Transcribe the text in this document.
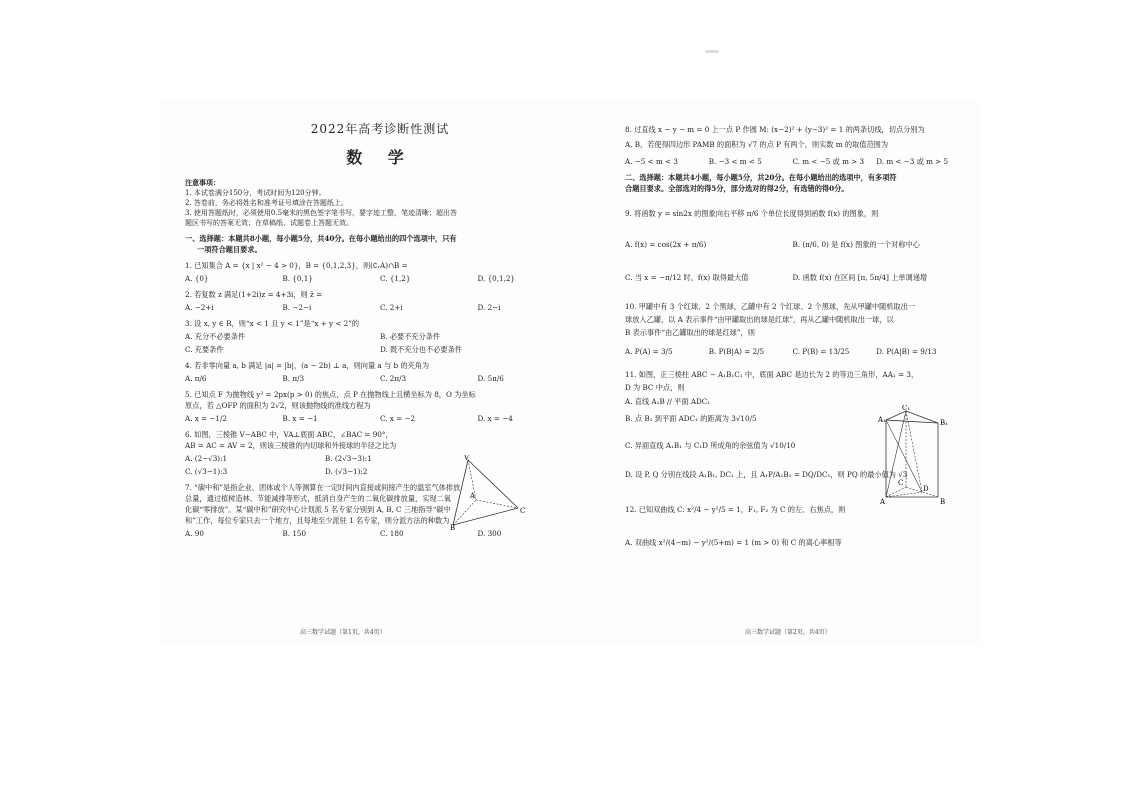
2022年高考诊断性测试
数 学
注意事项：
1. 本试卷满分150分，考试时间为120分钟。
2. 答卷前，务必将姓名和准考证号填涂在答题纸上。
3. 使用答题纸时，必须使用0.5毫米的黑色签字笔书写，要字迹工整，笔迹清晰；超出答
题区书写的答案无效；在草稿纸、试题卷上答题无效。
一、选择题：本题共8小题，每小题5分，共40分。在每小题给出的四个选项中，只有
一项符合题目要求。
1. 已知集合 A = {x | x² − 4 > 0}，B = {0,1,2,3}，则(∁ᵣA)∩B =
A. {0}	B. {0,1}	C. {1,2}	D. {0,1,2}
2. 若复数 z 满足(1+2i)z = 4+3i，则 z̄ =
A. −2+i	B. −2−i	C. 2+i	D. 2−i
3. 设 x, y ∈ R，则“x < 1 且 y < 1”是“x + y < 2”的
A. 充分不必要条件	B. 必要不充分条件
C. 充要条件	D. 既不充分也不必要条件
4. 若非零向量 a, b 满足 |a| = |b|，(a − 2b) ⊥ a，则向量 a 与 b 的夹角为
A. π/6	B. π/3	C. 2π/3	D. 5π/6
5. 已知点 F 为抛物线 y² = 2px(p > 0) 的焦点，点 P 在抛物线上且横坐标为 8，O 为坐标
原点，若 △OFP 的面积为 2√2，则该抛物线的准线方程为
A. x = −1/2	B. x = −1	C. x = −2	D. x = −4
6. 如图，三棱锥 V−ABC 中，VA⊥底面 ABC，∠BAC = 90°，
AB = AC = AV = 2，则该三棱锥的内切球和外接球的半径之比为
A. (2−√3):1	B. (2√3−3):1
C. (√3−1):3	D. (√3−1):2
7. “碳中和”是指企业、团体或个人等测算在一定时间内直接或间接产生的温室气体排放
总量，通过植树造林、节能减排等形式，抵消自身产生的二氧化碳排放量，实现二氧
化碳“零排放”。某“碳中和”研究中心计划派 5 名专家分别到 A, B, C 三地指导“碳中
和”工作，每位专家只去一个地方，且每地至少派驻 1 名专家，则分派方法的种数为
A. 90	B. 150	C. 180	D. 300
V
A
B
C
高三数学试题（第1页，共4页）
8. 过直线 x − y − m = 0 上一点 P 作圆 M: (x−2)² + (y−3)² = 1 的两条切线，切点分别为
A, B，若使得四边形 PAMB 的面积为 √7 的点 P 有两个，则实数 m 的取值范围为
A. −5 < m < 3	B. −3 < m < 5	C. m < −5 或 m > 3	D. m < −3 或 m > 5
二、选择题：本题共4小题，每小题5分，共20分。在每小题给出的选项中，有多项符
合题目要求。全部选对的得5分，部分选对的得2分，有选错的得0分。
9. 将函数 y = sin2x 的图象向右平移 π/6 个单位长度得到函数 f(x) 的图象，则
A. f(x) = cos(2x + π/6)	B. (π/6, 0) 是 f(x) 图象的一个对称中心
C. 当 x = −π/12 时，f(x) 取得最大值	D. 函数 f(x) 在区间 [π, 5π/4] 上单调递增
10. 甲罐中有 3 个红球、2 个黑球，乙罐中有 2 个红球、2 个黑球，先从甲罐中随机取出一
球放入乙罐，以 A 表示事件“由甲罐取出的球是红球”，再从乙罐中随机取出一球，以
B 表示事件“由乙罐取出的球是红球”，则
A. P(A) = 3/5	B. P(B|A) = 2/5	C. P(B) = 13/25	D. P(A|B) = 9/13
11. 如图，正三棱柱 ABC − A₁B₁C₁ 中，底面 ABC 是边长为 2 的等边三角形，AA₁ = 3，
D 为 BC 中点，则
A. 直线 A₁B // 平面 ADC₁
B. 点 B₁ 到平面 ADC₁ 的距离为 3√10/5
C. 异面直线 A₁B₁ 与 C₁D 所成角的余弦值为 √10/10
D. 设 P, Q 分别在线段 A₁B₁, DC₁ 上，且 A₁P/A₁B₁ = DQ/DC₁，则 PQ 的最小值为 √3
12. 已知双曲线 C: x²/4 − y²/5 = 1，F₁, F₂ 为 C 的左、右焦点，则
A. 双曲线 x²/(4−m) − y²/(5+m) = 1 (m > 0) 和 C 的离心率相等
C₁
A₁	B₁
C
A
D
B
高三数学试题（第2页，共4页）
